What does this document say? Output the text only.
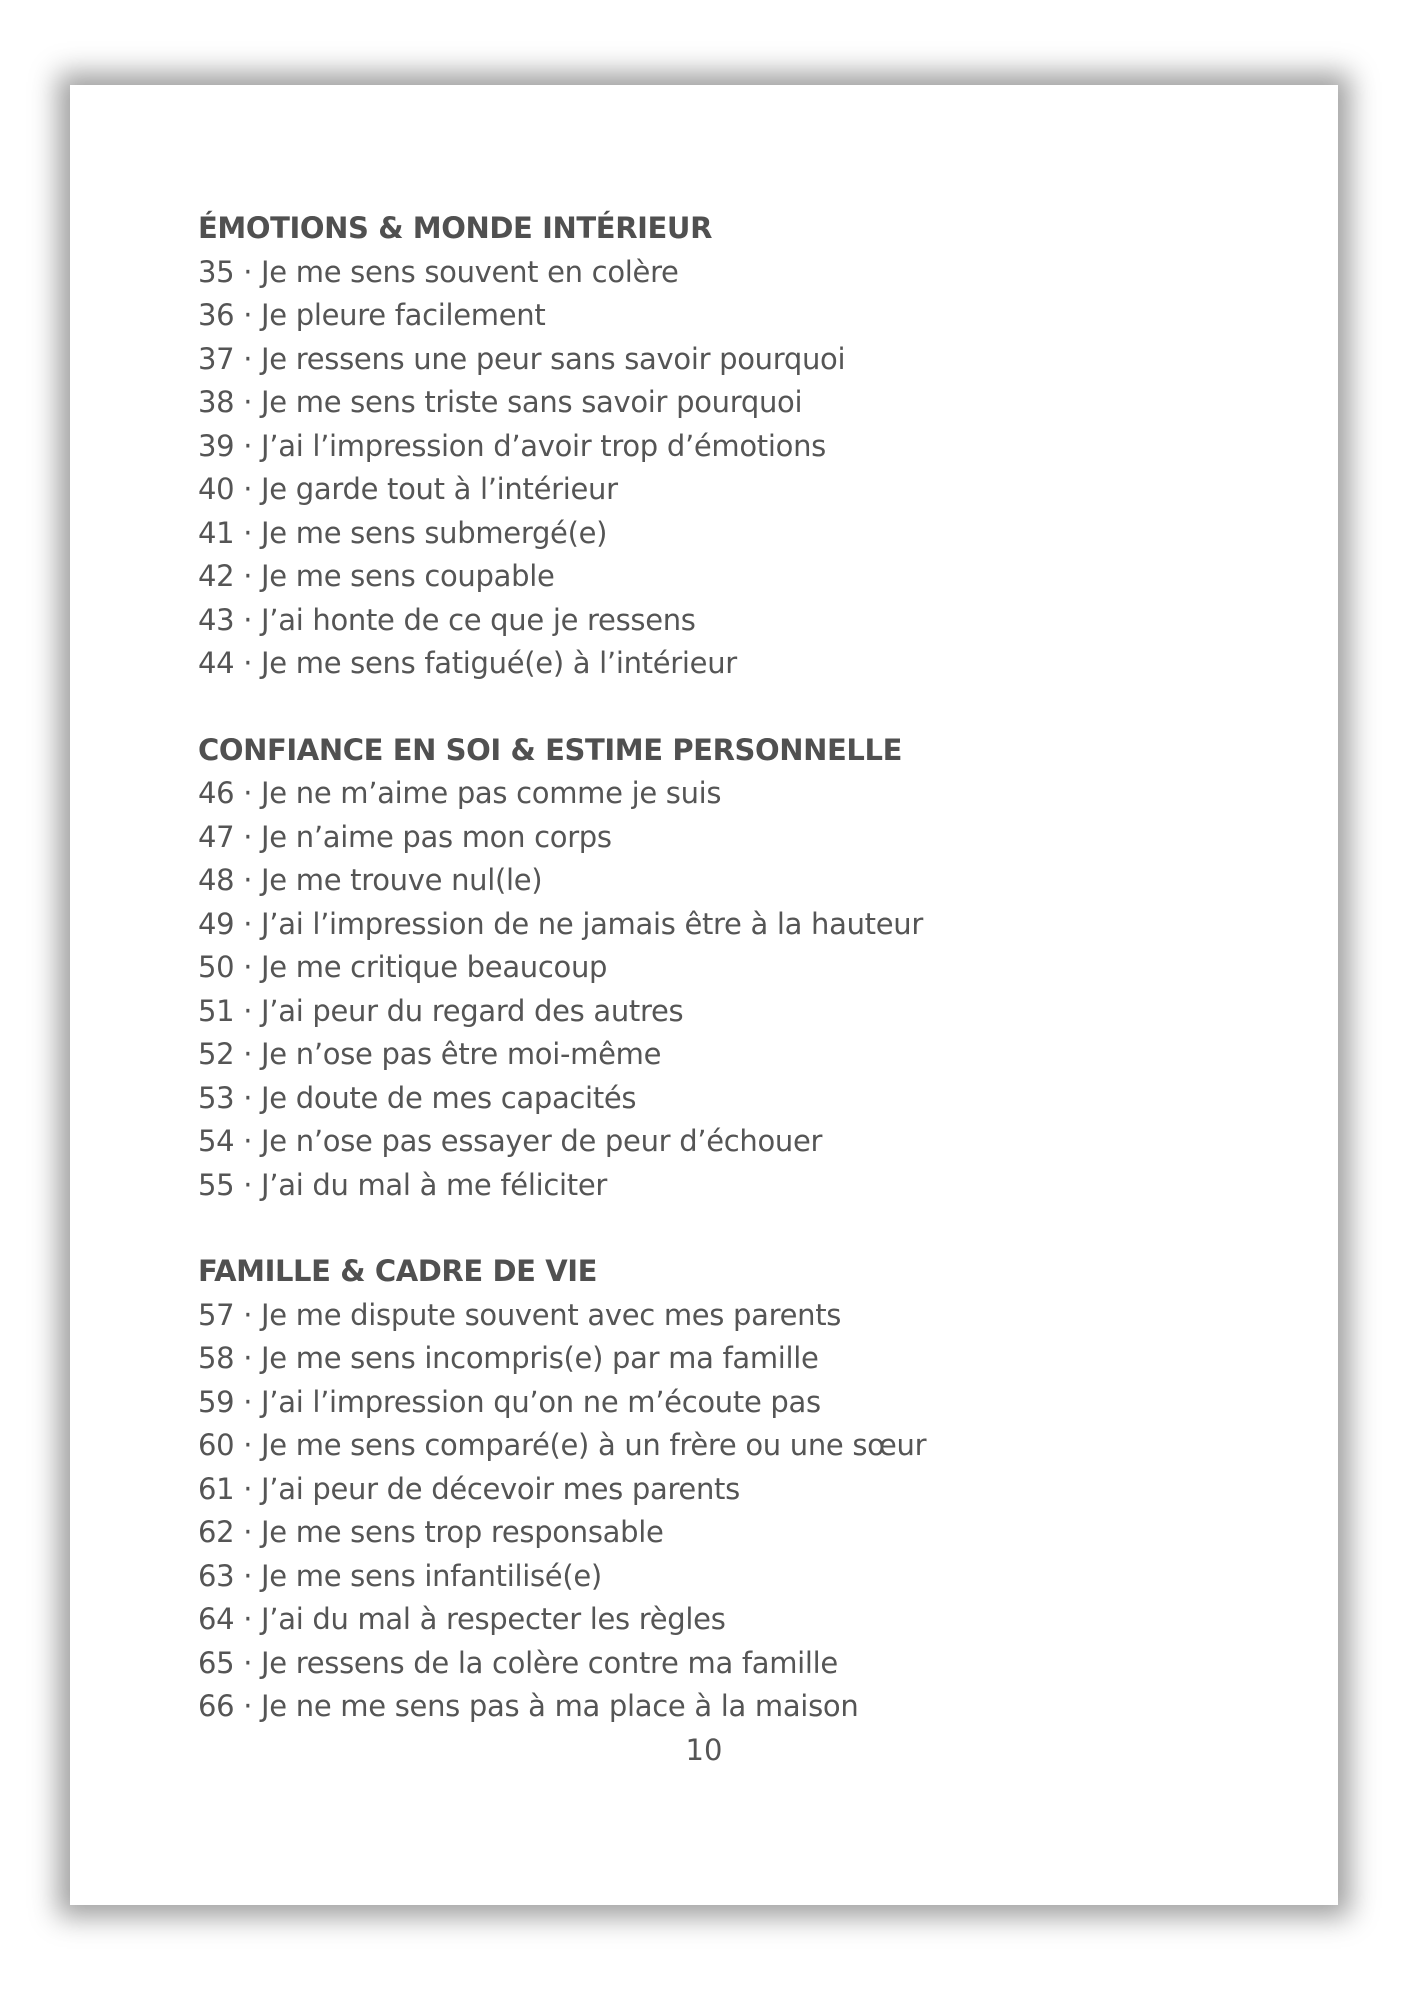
ÉMOTIONS & MONDE INTÉRIEUR
35 · Je me sens souvent en colère
36 · Je pleure facilement
37 · Je ressens une peur sans savoir pourquoi
38 · Je me sens triste sans savoir pourquoi
39 · J’ai l’impression d’avoir trop d’émotions
40 · Je garde tout à l’intérieur
41 · Je me sens submergé(e)
42 · Je me sens coupable
43 · J’ai honte de ce que je ressens
44 · Je me sens fatigué(e) à l’intérieur
CONFIANCE EN SOI & ESTIME PERSONNELLE
46 · Je ne m’aime pas comme je suis
47 · Je n’aime pas mon corps
48 · Je me trouve nul(le)
49 · J’ai l’impression de ne jamais être à la hauteur
50 · Je me critique beaucoup
51 · J’ai peur du regard des autres
52 · Je n’ose pas être moi-même
53 · Je doute de mes capacités
54 · Je n’ose pas essayer de peur d’échouer
55 · J’ai du mal à me féliciter
FAMILLE & CADRE DE VIE
57 · Je me dispute souvent avec mes parents
58 · Je me sens incompris(e) par ma famille
59 · J’ai l’impression qu’on ne m’écoute pas
60 · Je me sens comparé(e) à un frère ou une sœur
61 · J’ai peur de décevoir mes parents
62 · Je me sens trop responsable
63 · Je me sens infantilisé(e)
64 · J’ai du mal à respecter les règles
65 · Je ressens de la colère contre ma famille
66 · Je ne me sens pas à ma place à la maison
10
